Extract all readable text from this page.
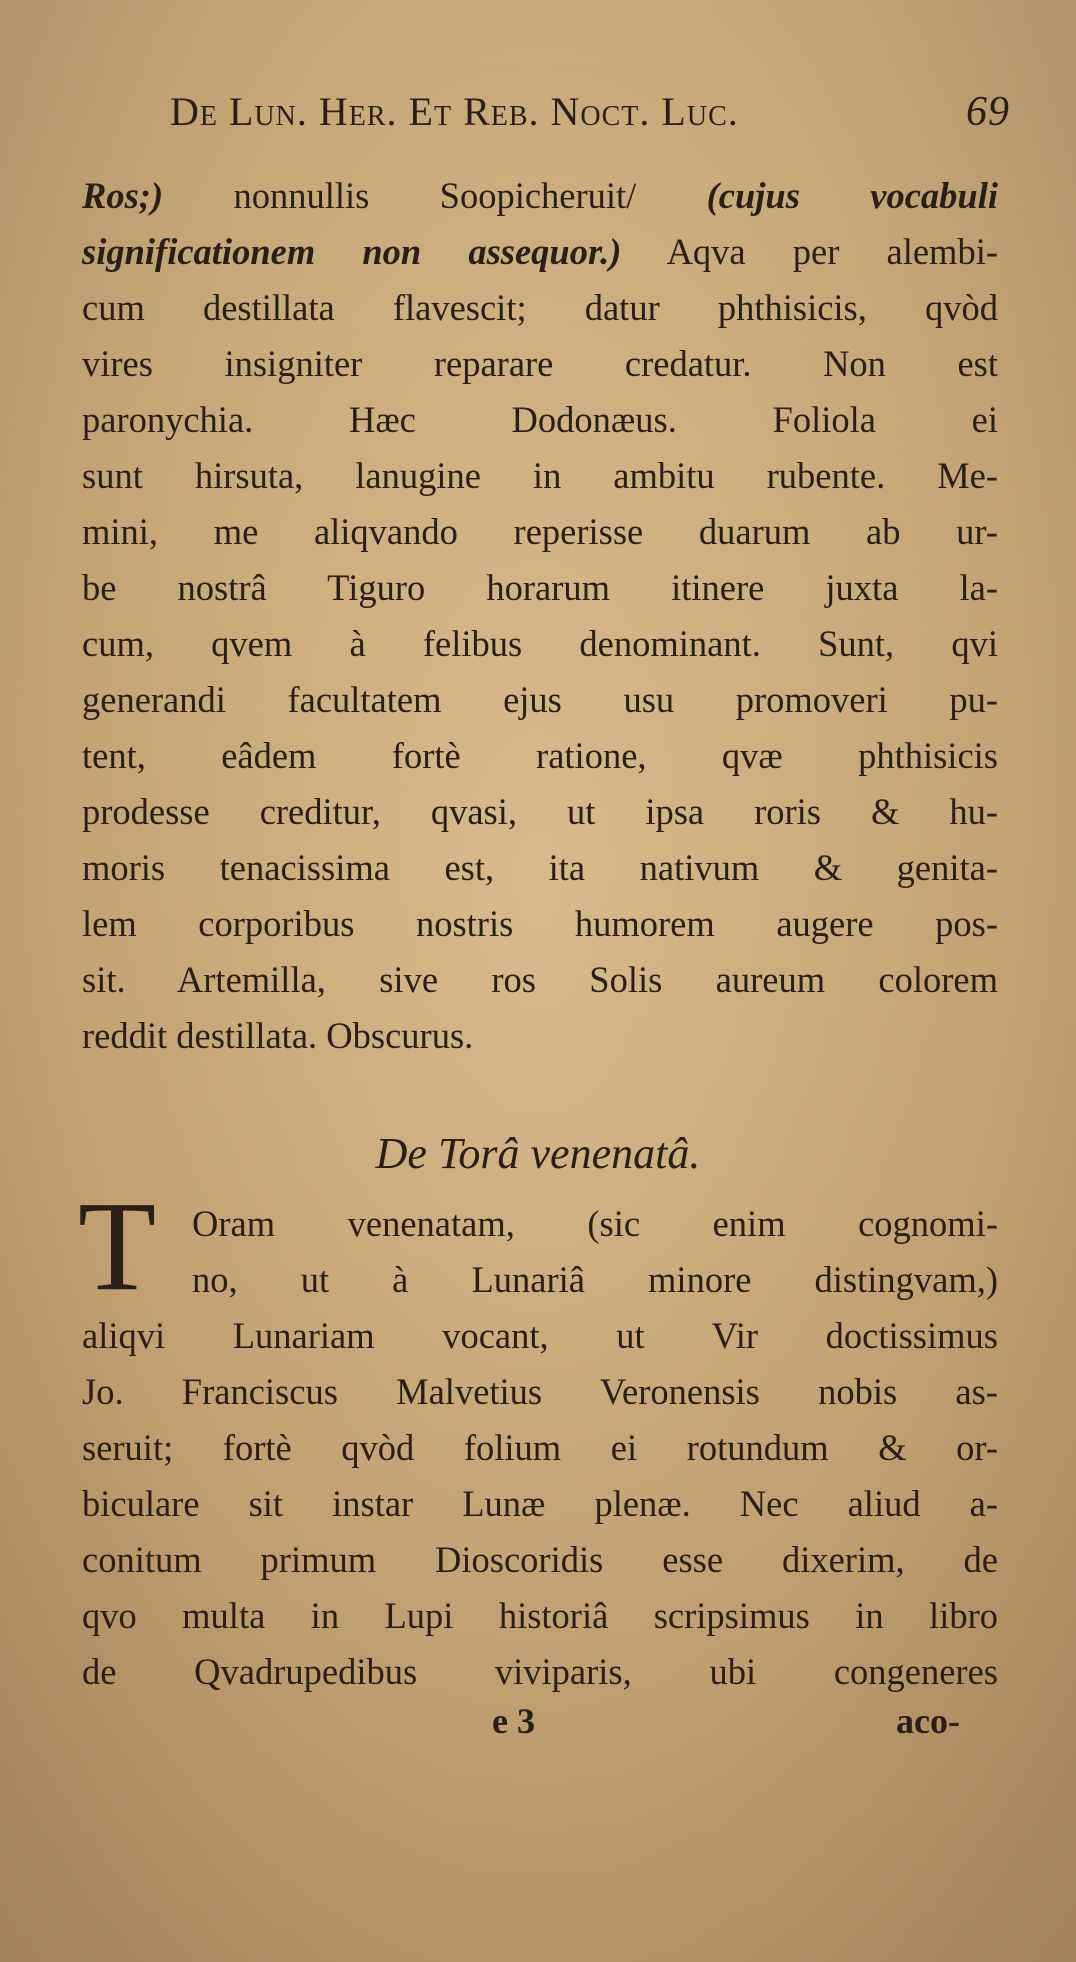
De Lun. Her. Et Reb. Noct. Luc.	69
Ros;) nonnullis Soopicheruit/ (cujus vocabuli
significationem non assequor.) Aqva per alembi-
cum destillata flavescit; datur phthisicis, qvòd
vires insigniter reparare credatur. Non est
paronychia. Hæc Dodonæus. Foliola ei
sunt hirsuta, lanugine in ambitu rubente. Me-
mini, me aliqvando reperisse duarum ab ur-
be nostrâ Tiguro horarum itinere juxta la-
cum, qvem à felibus denominant. Sunt, qvi
generandi facultatem ejus usu promoveri pu-
tent, eâdem fortè ratione, qvæ phthisicis
prodesse creditur, qvasi, ut ipsa roris & hu-
moris tenacissima est, ita nativum & genita-
lem corporibus nostris humorem augere pos-
sit. Artemilla, sive ros Solis aureum colorem
reddit destillata. Obscurus.
De Torâ venenatâ.
T Oram venenatam, (sic enim cognomi-
no, ut à Lunariâ minore distingvam,)
aliqvi Lunariam vocant, ut Vir doctissimus
Jo. Franciscus Malvetius Veronensis nobis as-
seruit; fortè qvòd folium ei rotundum & or-
biculare sit instar Lunæ plenæ. Nec aliud a-
conitum primum Dioscoridis esse dixerim, de
qvo multa in Lupi historiâ scripsimus in libro
de Qvadrupedibus viviparis, ubi congeneres
e 3	aco-
